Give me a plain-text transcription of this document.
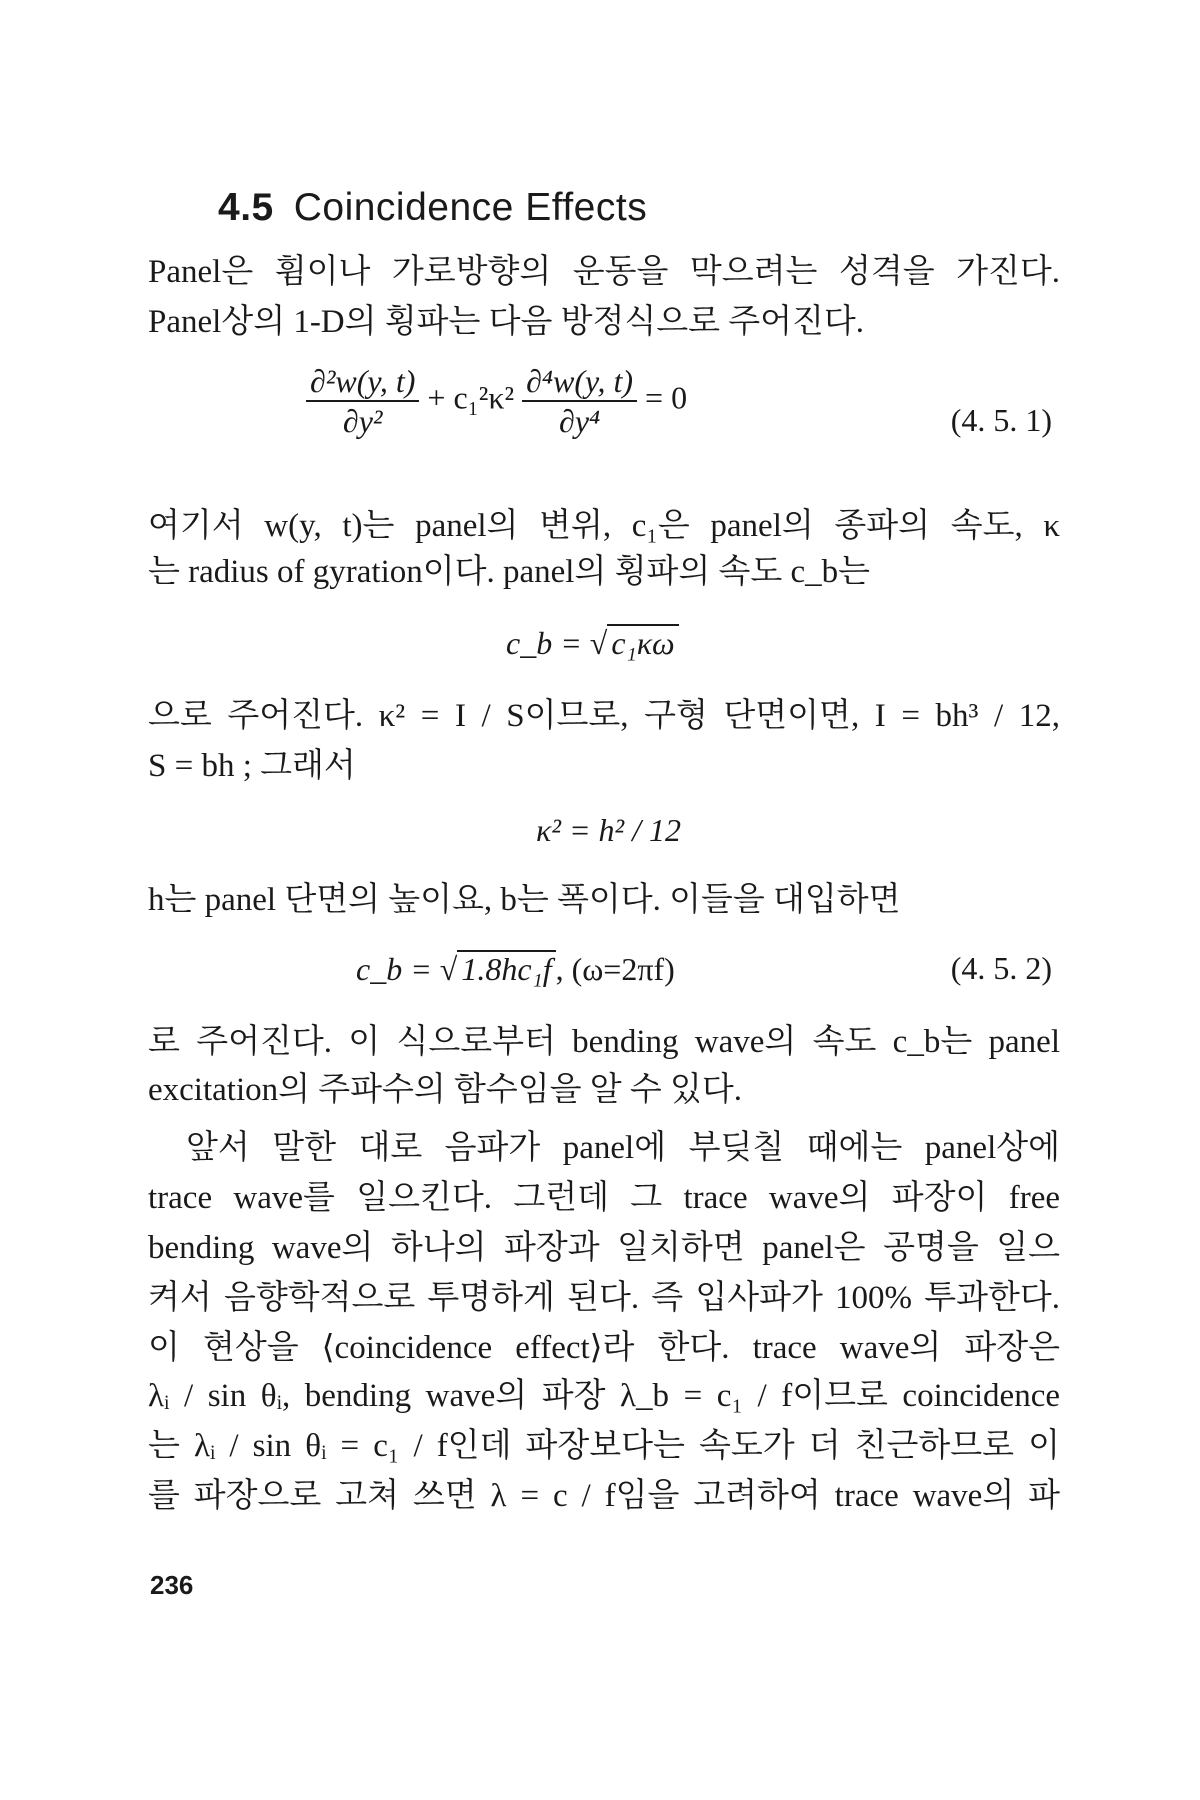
4.5 Coincidence Effects
Panel은 휨이나 가로방향의 운동을 막으려는 성격을 가진다.
Panel상의 1-D의 횡파는 다음 방정식으로 주어진다.
$\frac{\text{∂²w(y, t)}}{\text{∂y²}} + c_1^2\kappa^2 \frac{\text{∂⁴w(y, t)}}{\text{∂y⁴}} = 0$
(4. 5. 1)
여기서 w(y, t)는 panel의 변위, c₁은 panel의 종파의 속도, κ
는 radius of gyration이다. panel의 횡파의 속도 c_b는
c_b = √ c₁κω
으로 주어진다. κ² = I / S이므로, 구형 단면이면, I = bh³ / 12,
S = bh ; 그래서
κ² = h² / 12
h는 panel 단면의 높이요, b는 폭이다. 이들을 대입하면
c_b = √ 1.8hc₁f , (ω=2πf)	(4. 5. 2)
로 주어진다. 이 식으로부터 bending wave의 속도 c_b는 panel
excitation의 주파수의 함수임을 알 수 있다.
앞서 말한 대로 음파가 panel에 부딪칠 때에는 panel상에
trace wave를 일으킨다. 그런데 그 trace wave의 파장이 free
bending wave의 하나의 파장과 일치하면 panel은 공명을 일으
켜서 음향학적으로 투명하게 된다. 즉 입사파가 100% 투과한다.
이 현상을 ⟨coincidence effect⟩라 한다. trace wave의 파장은
λᵢ / sin θᵢ, bending wave의 파장 λ_b = c₁ / f이므로 coincidence
는 λᵢ / sin θᵢ = c₁ / f인데 파장보다는 속도가 더 친근하므로 이
를 파장으로 고쳐 쓰면 λ = c / f임을 고려하여 trace wave의 파
236
